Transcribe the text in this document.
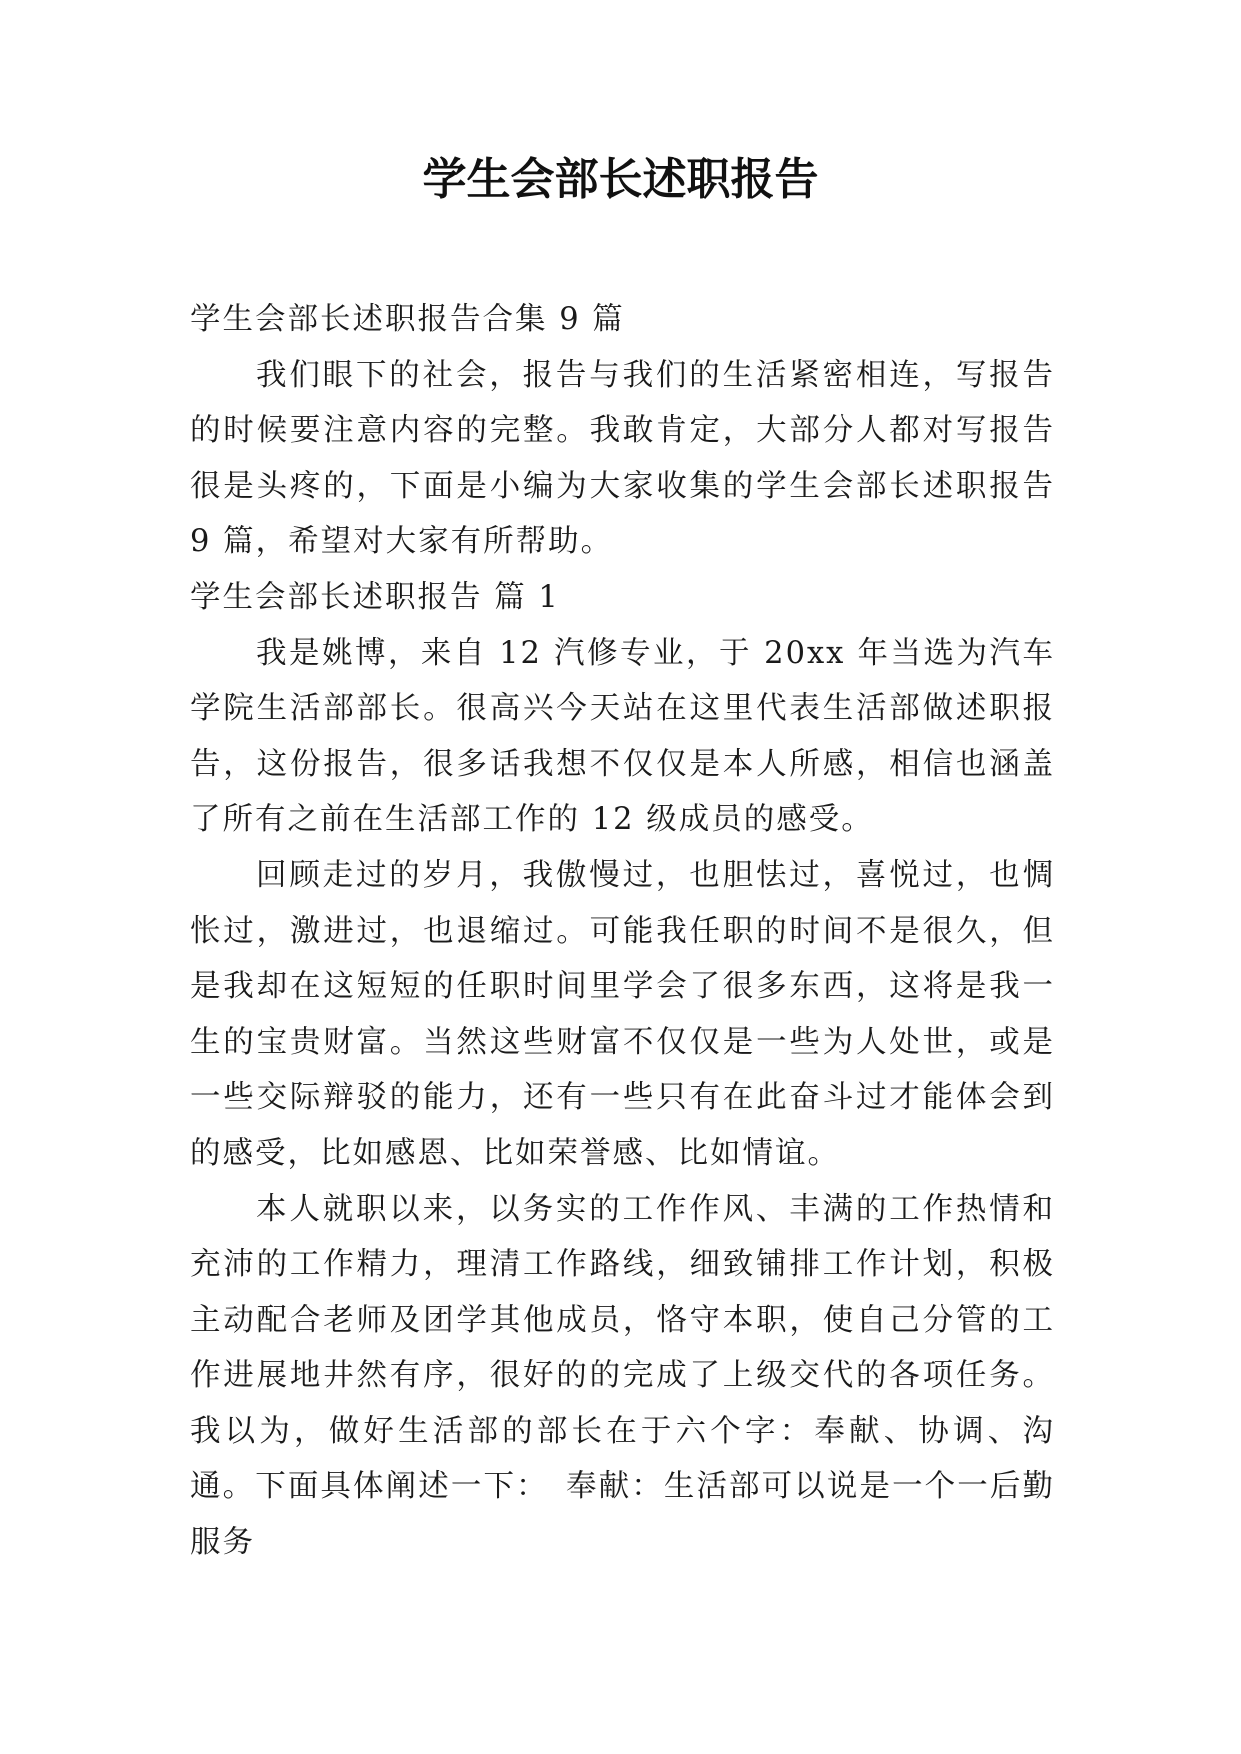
学生会部长述职报告

学生会部长述职报告合集 9 篇

我们眼下的社会，报告与我们的生活紧密相连，写报告的时候要注意内容的完整。我敢肯定，大部分人都对写报告很是头疼的，下面是小编为大家收集的学生会部长述职报告 9 篇，希望对大家有所帮助。

学生会部长述职报告 篇 1

我是姚博，来自 12 汽修专业，于 20xx 年当选为汽车学院生活部部长。很高兴今天站在这里代表生活部做述职报告，这份报告，很多话我想不仅仅是本人所感，相信也涵盖了所有之前在生活部工作的 12 级成员的感受。

回顾走过的岁月，我傲慢过，也胆怯过，喜悦过，也惆怅过，激进过，也退缩过。可能我任职的时间不是很久，但是我却在这短短的任职时间里学会了很多东西，这将是我一生的宝贵财富。当然这些财富不仅仅是一些为人处世，或是一些交际辩驳的能力，还有一些只有在此奋斗过才能体会到的感受，比如感恩、比如荣誉感、比如情谊。

本人就职以来，以务实的工作作风、丰满的工作热情和充沛的工作精力，理清工作路线，细致铺排工作计划，积极主动配合老师及团学其他成员，恪守本职，使自己分管的工作进展地井然有序，很好的的完成了上级交代的各项任务。我以为，做好生活部的部长在于六个字：奉献、协调、沟通。下面具体阐述一下：　奉献：生活部可以说是一个一后勤服务
